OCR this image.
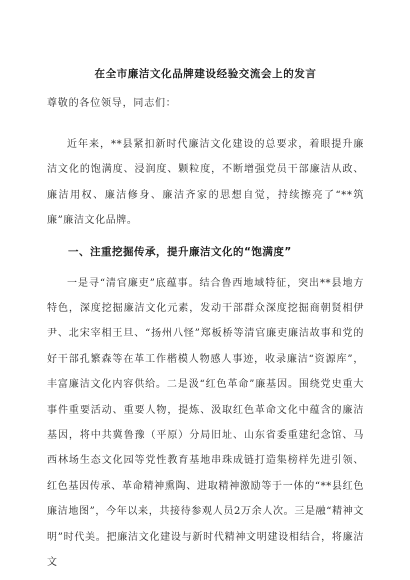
在全市廉洁文化品牌建设经验交流会上的发言
尊敬的各位领导，同志们：

近年来，**县紧扣新时代廉洁文化建设的总要求，着眼提升廉洁文化的饱满度、浸润度、颗粒度，不断增强党员干部廉洁从政、廉洁用权、廉洁修身、廉洁齐家的思想自觉，持续擦亮了“**筑廉”廉洁文化品牌。

一、注重挖掘传承，提升廉洁文化的“饱满度”

一是寻“清官廉吏”底蕴事。结合鲁西地域特征，突出**县地方特色，深度挖掘廉洁文化元素，发动干部群众深度挖掘商朝贤相伊尹、北宋宰相王旦、“扬州八怪”郑板桥等清官廉吏廉洁故事和党的好干部孔繁森等在革工作楷模人物感人事迹，收录廉洁“资源库”，丰富廉洁文化内容供给。二是汲“红色革命”廉基因。围绕党史重大事件重要活动、重要人物，提炼、汲取红色革命文化中蕴含的廉洁基因，将中共冀鲁豫（平原）分局旧址、山东省委重建纪念馆、马西林场生态文化园等党性教育基地串珠成链打造集榜样先进引领、红色基因传承、革命精神熏陶、进取精神激励等于一体的“**县红色廉洁地图”，今年以来，共接待参观人员2万余人次。三是融“精神文明”时代美。把廉洁文化建设与新时代精神文明建设相结合，将廉洁文
